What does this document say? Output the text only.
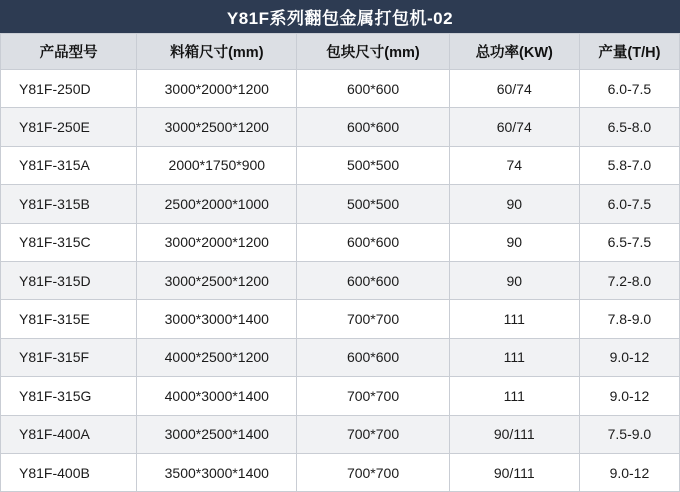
Y81F系列翻包金属打包机-02
产品型号	料箱尺寸(mm)	包块尺寸(mm)	总功率(KW)	产量(T/H)
Y81F-250D	3000*2000*1200	600*600	60/74	6.0-7.5
Y81F-250E	3000*2500*1200	600*600	60/74	6.5-8.0
Y81F-315A	2000*1750*900	500*500	74	5.8-7.0
Y81F-315B	2500*2000*1000	500*500	90	6.0-7.5
Y81F-315C	3000*2000*1200	600*600	90	6.5-7.5
Y81F-315D	3000*2500*1200	600*600	90	7.2-8.0
Y81F-315E	3000*3000*1400	700*700	111	7.8-9.0
Y81F-315F	4000*2500*1200	600*600	111	9.0-12
Y81F-315G	4000*3000*1400	700*700	111	9.0-12
Y81F-400A	3000*2500*1400	700*700	90/111	7.5-9.0
Y81F-400B	3500*3000*1400	700*700	90/111	9.0-12
